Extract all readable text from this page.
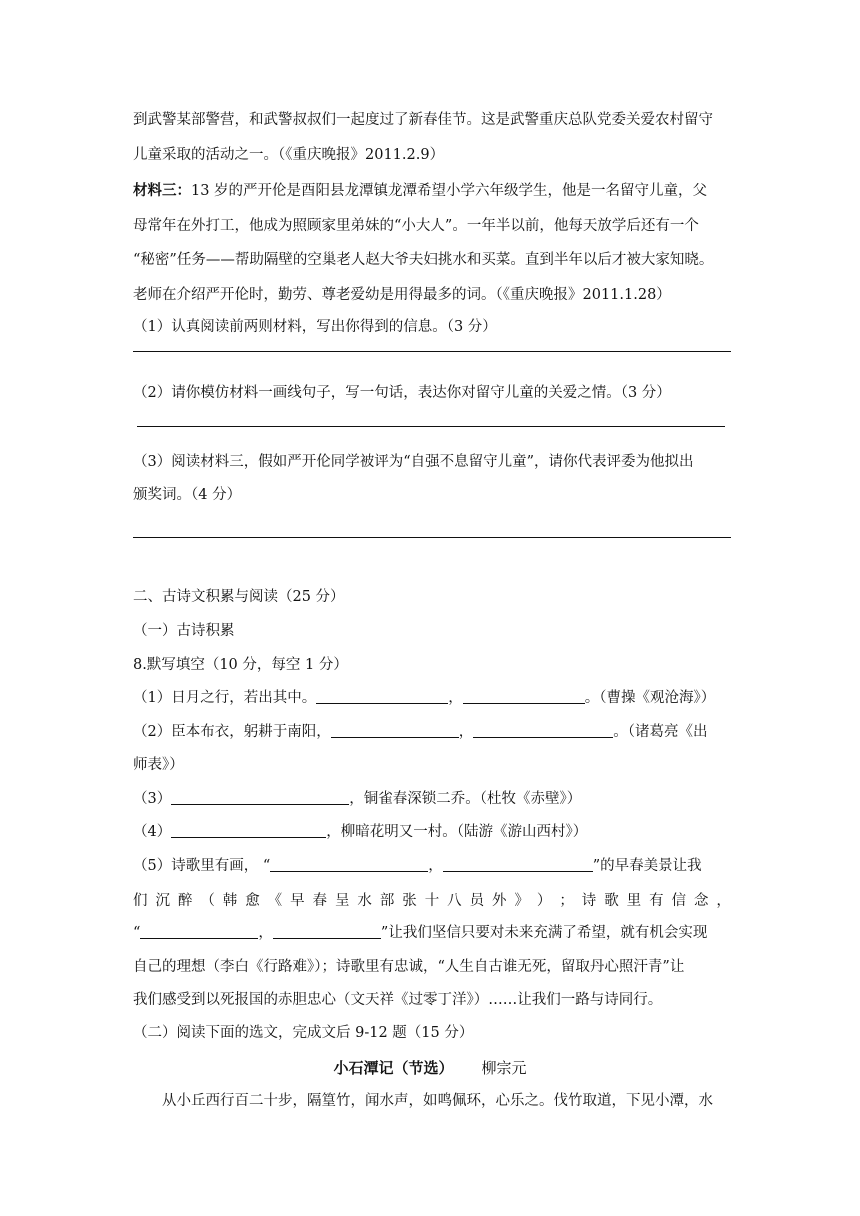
到武警某部警营，和武警叔叔们一起度过了新春佳节。这是武警重庆总队党委关爱农村留守
儿童采取的活动之一。（《重庆晚报》2011.2.9）
材料三：13 岁的严开伦是酉阳县龙潭镇龙潭希望小学六年级学生，他是一名留守儿童，父
母常年在外打工，他成为照顾家里弟妹的“小大人”。一年半以前，他每天放学后还有一个
“秘密”任务——帮助隔壁的空巢老人赵大爷夫妇挑水和买菜。直到半年以后才被大家知晓。
老师在介绍严开伦时，勤劳、尊老爱幼是用得最多的词。（《重庆晚报》2011.1.28）
（1）认真阅读前两则材料，写出你得到的信息。（3 分）
（2）请你模仿材料一画线句子，写一句话，表达你对留守儿童的关爱之情。（3 分）
（3）阅读材料三，假如严开伦同学被评为“自强不息留守儿童”，请你代表评委为他拟出
颁奖词。（4 分）
二、古诗文积累与阅读（25 分）
（一）古诗积累
8.默写填空（10 分，每空 1 分）
（1）日月之行，若出其中。	，	。（曹操《观沧海》）
（2）臣本布衣，躬耕于南阳，	，	。（诸葛亮《出
师表》）
（3）	，铜雀春深锁二乔。（杜牧《赤壁》）
（4）	，柳暗花明又一村。（陆游《游山西村》）
（5）诗歌里有画， “	，	”的早春美景让我
们 沉 醉 （ 韩 愈 《 早 春 呈 水 部 张 十 八 员 外 》 ） ； 诗 歌 里 有 信 念 ，
“	，	”让我们坚信只要对未来充满了希望，就有机会实现
自己的理想（李白《行路难》）；诗歌里有忠诚，“人生自古谁无死，留取丹心照汗青”让
我们感受到以死报国的赤胆忠心（文天祥《过零丁洋》）……让我们一路与诗同行。
（二）阅读下面的选文，完成文后 9-12 题（15 分）
小石潭记（节选） 柳宗元
从小丘西行百二十步，隔篁竹，闻水声，如鸣佩环，心乐之。伐竹取道，下见小潭，水
